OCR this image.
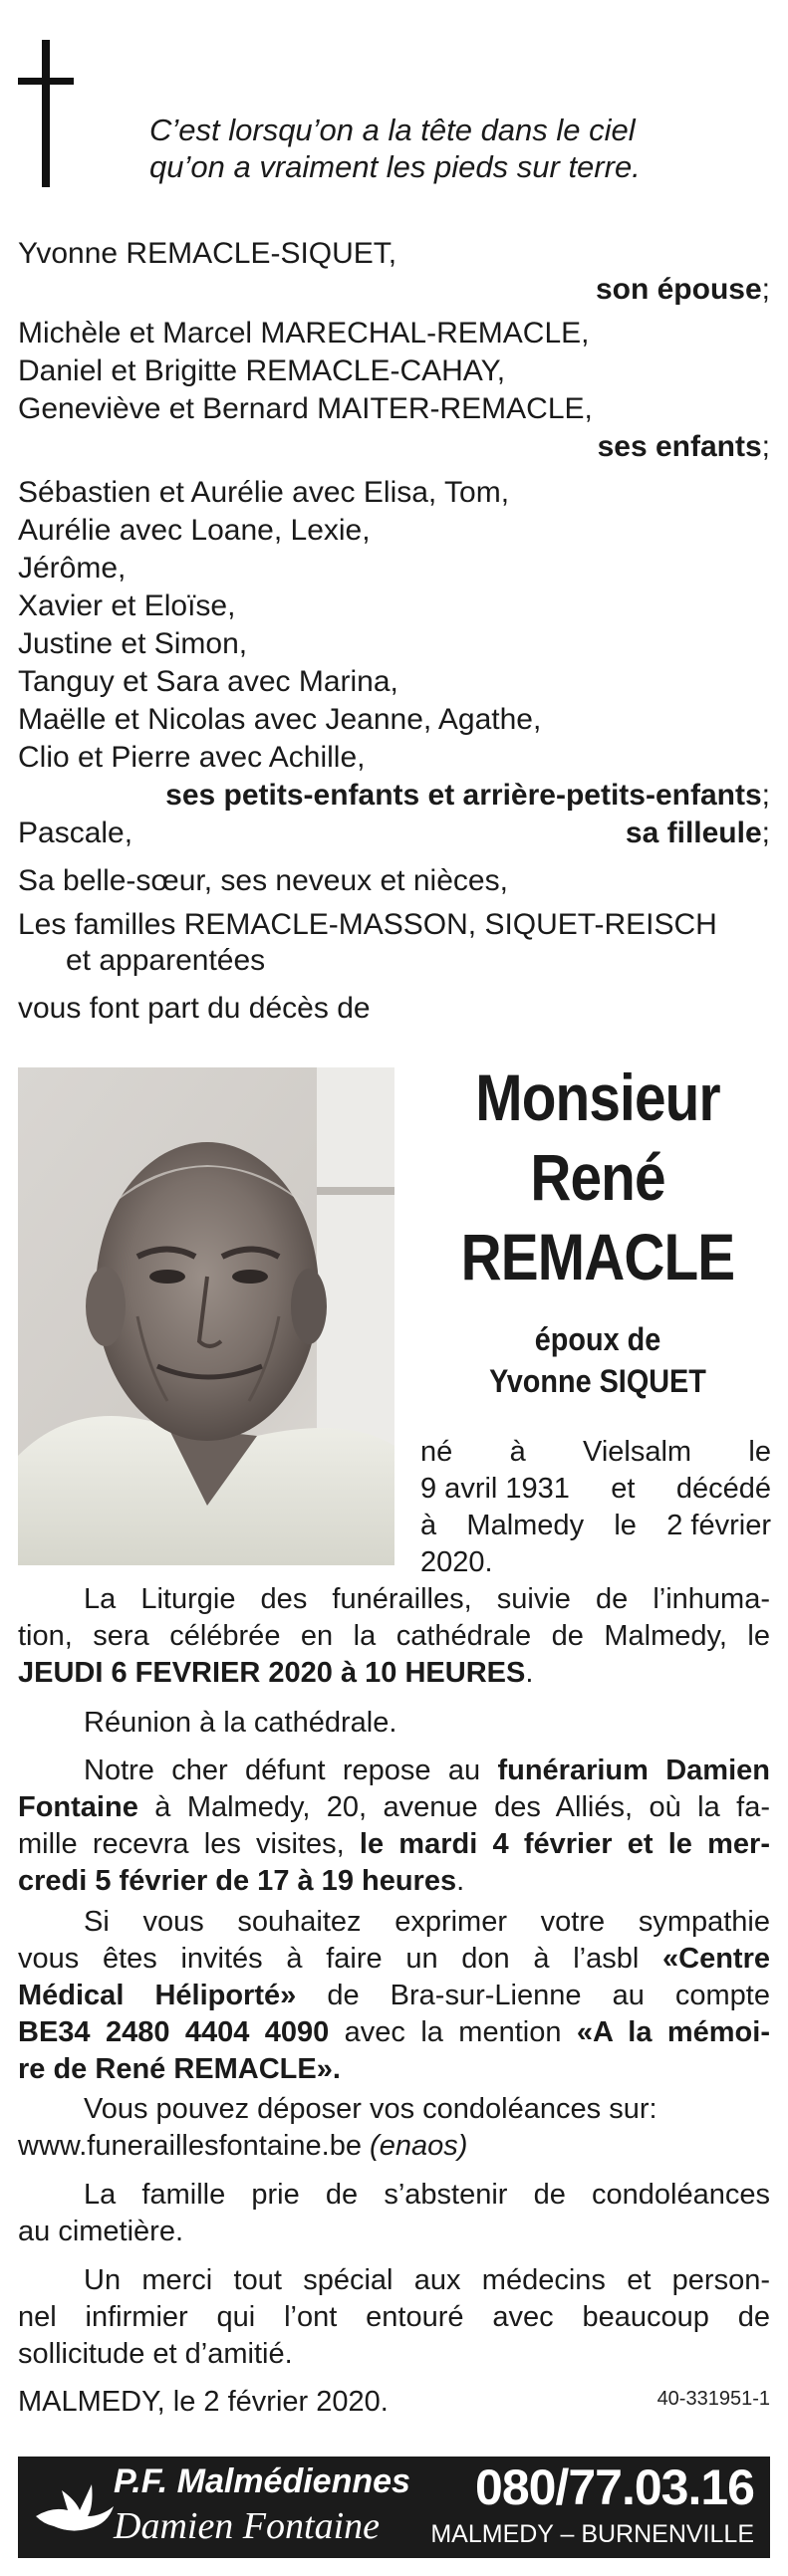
C’est lorsqu’on a la tête dans le ciel
qu’on a vraiment les pieds sur terre.
Yvonne REMACLE-SIQUET,
son épouse;
Michèle et Marcel MARECHAL-REMACLE,
Daniel et Brigitte REMACLE-CAHAY,
Geneviève et Bernard MAITER-REMACLE,
ses enfants;
Sébastien et Aurélie avec Elisa, Tom,
Aurélie avec Loane, Lexie,
Jérôme,
Xavier et Eloïse,
Justine et Simon,
Tanguy et Sara avec Marina,
Maëlle et Nicolas avec Jeanne, Agathe,
Clio et Pierre avec Achille,
ses petits-enfants et arrière-petits-enfants;
Pascale,	sa filleule;
Sa belle-sœur, ses neveux et nièces,
Les familles REMACLE-MASSON, SIQUET-REISCH
et apparentées
vous font part du décès de
Monsieur
René
REMACLE
époux de
Yvonne SIQUET
né à Vielsalm le
9 avril 1931 et décédé
à Malmedy le 2 février
2020.
La Liturgie des funérailles, suivie de l’inhuma-
tion, sera célébrée en la cathédrale de Malmedy, le
JEUDI 6 FEVRIER 2020 à 10 HEURES.
Réunion à la cathédrale.
Notre cher défunt repose au funérarium Damien
Fontaine à Malmedy, 20, avenue des Alliés, où la fa-
mille recevra les visites, le mardi 4 février et le mer-
credi 5 février de 17 à 19 heures.
Si vous souhaitez exprimer votre sympathie
vous êtes invités à faire un don à l’asbl «Centre
Médical Héliporté» de Bra-sur-Lienne au compte
BE34 2480 4404 4090 avec la mention «A la mémoi-
re de René REMACLE».
Vous pouvez déposer vos condoléances sur:
www.funeraillesfontaine.be (enaos)
La famille prie de s’abstenir de condoléances
au cimetière.
Un merci tout spécial aux médecins et person-
nel infirmier qui l’ont entouré avec beaucoup de
sollicitude et d’amitié.
MALMEDY, le 2 février 2020.	40-331951-1
P.F. Malmédiennes
Damien Fontaine
080/77.03.16
MALMEDY – BURNENVILLE
